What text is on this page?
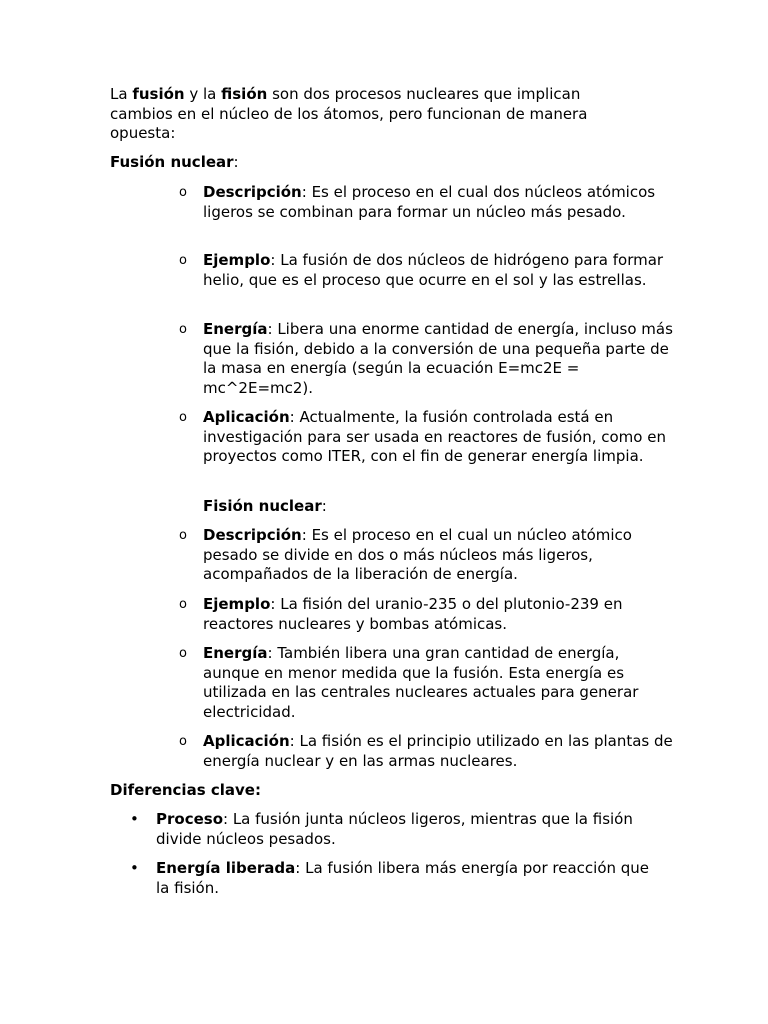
La fusión y la fisión son dos procesos nucleares que implican cambios en el núcleo de los átomos, pero funcionan de manera opuesta:

Fusión nuclear:

o Descripción: Es el proceso en el cual dos núcleos atómicos ligeros se combinan para formar un núcleo más pesado.

o Ejemplo: La fusión de dos núcleos de hidrógeno para formar helio, que es el proceso que ocurre en el sol y las estrellas.

o Energía: Libera una enorme cantidad de energía, incluso más que la fisión, debido a la conversión de una pequeña parte de la masa en energía (según la ecuación E=mc2E = mc^2E=mc2).

o Aplicación: Actualmente, la fusión controlada está en investigación para ser usada en reactores de fusión, como en proyectos como ITER, con el fin de generar energía limpia.

Fisión nuclear:

o Descripción: Es el proceso en el cual un núcleo atómico pesado se divide en dos o más núcleos más ligeros, acompañados de la liberación de energía.

o Ejemplo: La fisión del uranio-235 o del plutonio-239 en reactores nucleares y bombas atómicas.

o Energía: También libera una gran cantidad de energía, aunque en menor medida que la fusión. Esta energía es utilizada en las centrales nucleares actuales para generar electricidad.

o Aplicación: La fisión es el principio utilizado en las plantas de energía nuclear y en las armas nucleares.

Diferencias clave:

• Proceso: La fusión junta núcleos ligeros, mientras que la fisión divide núcleos pesados.

• Energía liberada: La fusión libera más energía por reacción que la fisión.
